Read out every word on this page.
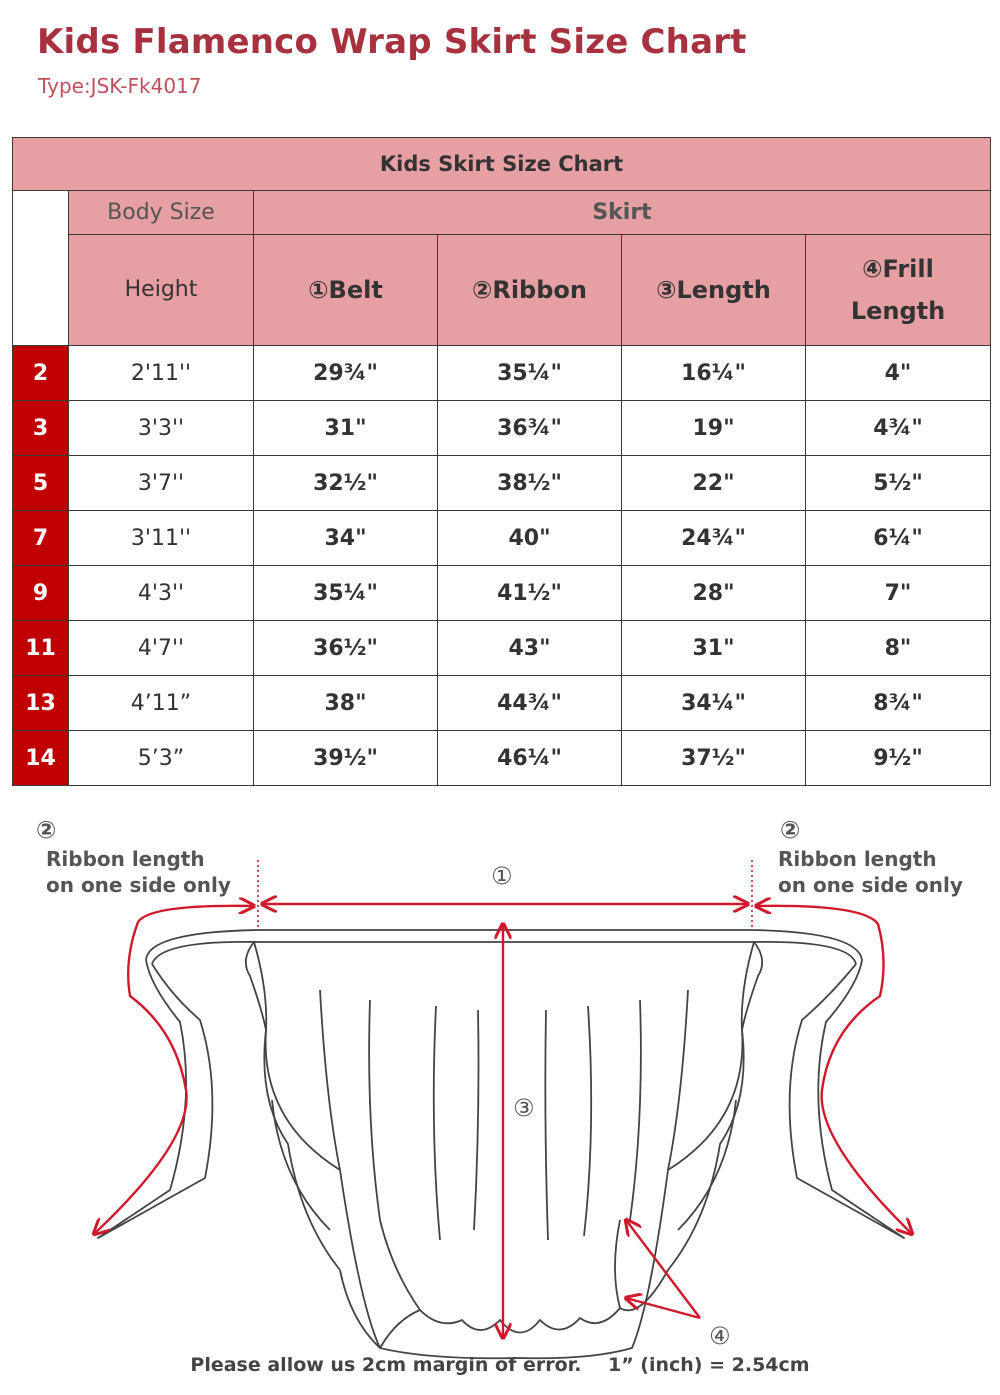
Kids Flamenco Wrap Skirt Size Chart
Type:JSK-Fk4017
Kids Skirt Size Chart					
	Body Size	Skirt			
	Height	①Belt	②Ribbon	③Length	④Frill
Length
2	2'11''	29¾"	35¼"	16¼"	4"
3	3'3''	31"	36¾"	19"	4¾"
5	3'7''	32½"	38½"	22"	5½"
7	3'11''	34"	40"	24¾"	6¼"
9	4'3''	35¼"	41½"	28"	7"
11	4'7''	36½"	43"	31"	8"
13	4’11”	38"	44¾"	34¼"	8¾"
14	5’3”	39½"	46¼"	37½"	9½"
②
Ribbon length
on one side only
②
Ribbon length
on one side only
①
③
④
Please allow us 2cm margin of error.    1” (inch) = 2.54cm
